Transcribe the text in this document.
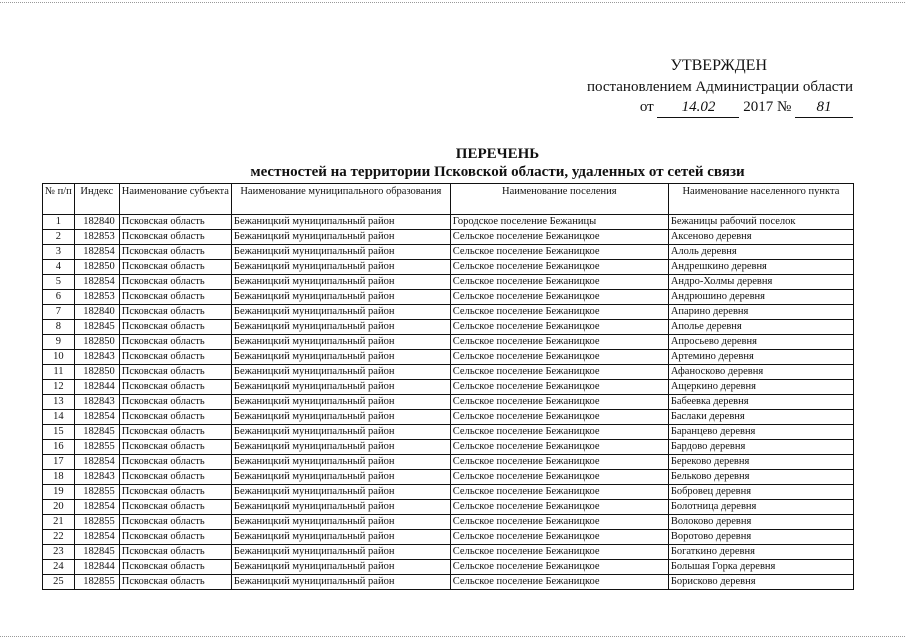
УТВЕРЖДЕН
постановлением Администрации области
от 14.02 2017 № 81
ПЕРЕЧЕНЬ
местностей на территории Псковской области, удаленных от сетей связи
№ п/п	Индекс	Наименование субъекта	Наименование муниципального образования	Наименование поселения	Наименование населенного пункта
1	182840	Псковская область	Бежаницкий муниципальный район	Городское поселение Бежаницы	Бежаницы рабочий поселок
2	182853	Псковская область	Бежаницкий муниципальный район	Сельское поселение Бежаницкое	Аксеново деревня
3	182854	Псковская область	Бежаницкий муниципальный район	Сельское поселение Бежаницкое	Алоль деревня
4	182850	Псковская область	Бежаницкий муниципальный район	Сельское поселение Бежаницкое	Андрешкино деревня
5	182854	Псковская область	Бежаницкий муниципальный район	Сельское поселение Бежаницкое	Андро-Холмы деревня
6	182853	Псковская область	Бежаницкий муниципальный район	Сельское поселение Бежаницкое	Андрюшино деревня
7	182840	Псковская область	Бежаницкий муниципальный район	Сельское поселение Бежаницкое	Апарино деревня
8	182845	Псковская область	Бежаницкий муниципальный район	Сельское поселение Бежаницкое	Аполье деревня
9	182850	Псковская область	Бежаницкий муниципальный район	Сельское поселение Бежаницкое	Апросьево деревня
10	182843	Псковская область	Бежаницкий муниципальный район	Сельское поселение Бежаницкое	Артемино деревня
11	182850	Псковская область	Бежаницкий муниципальный район	Сельское поселение Бежаницкое	Афаносково деревня
12	182844	Псковская область	Бежаницкий муниципальный район	Сельское поселение Бежаницкое	Ащеркино деревня
13	182843	Псковская область	Бежаницкий муниципальный район	Сельское поселение Бежаницкое	Бабеевка деревня
14	182854	Псковская область	Бежаницкий муниципальный район	Сельское поселение Бежаницкое	Баслаки деревня
15	182845	Псковская область	Бежаницкий муниципальный район	Сельское поселение Бежаницкое	Баранцево деревня
16	182855	Псковская область	Бежаницкий муниципальный район	Сельское поселение Бежаницкое	Бардово деревня
17	182854	Псковская область	Бежаницкий муниципальный район	Сельское поселение Бежаницкое	Береково деревня
18	182843	Псковская область	Бежаницкий муниципальный район	Сельское поселение Бежаницкое	Бельково деревня
19	182855	Псковская область	Бежаницкий муниципальный район	Сельское поселение Бежаницкое	Бобровец деревня
20	182854	Псковская область	Бежаницкий муниципальный район	Сельское поселение Бежаницкое	Болотница деревня
21	182855	Псковская область	Бежаницкий муниципальный район	Сельское поселение Бежаницкое	Волоково деревня
22	182854	Псковская область	Бежаницкий муниципальный район	Сельское поселение Бежаницкое	Воротово деревня
23	182845	Псковская область	Бежаницкий муниципальный район	Сельское поселение Бежаницкое	Богаткино деревня
24	182844	Псковская область	Бежаницкий муниципальный район	Сельское поселение Бежаницкое	Большая Горка деревня
25	182855	Псковская область	Бежаницкий муниципальный район	Сельское поселение Бежаницкое	Борисково деревня
